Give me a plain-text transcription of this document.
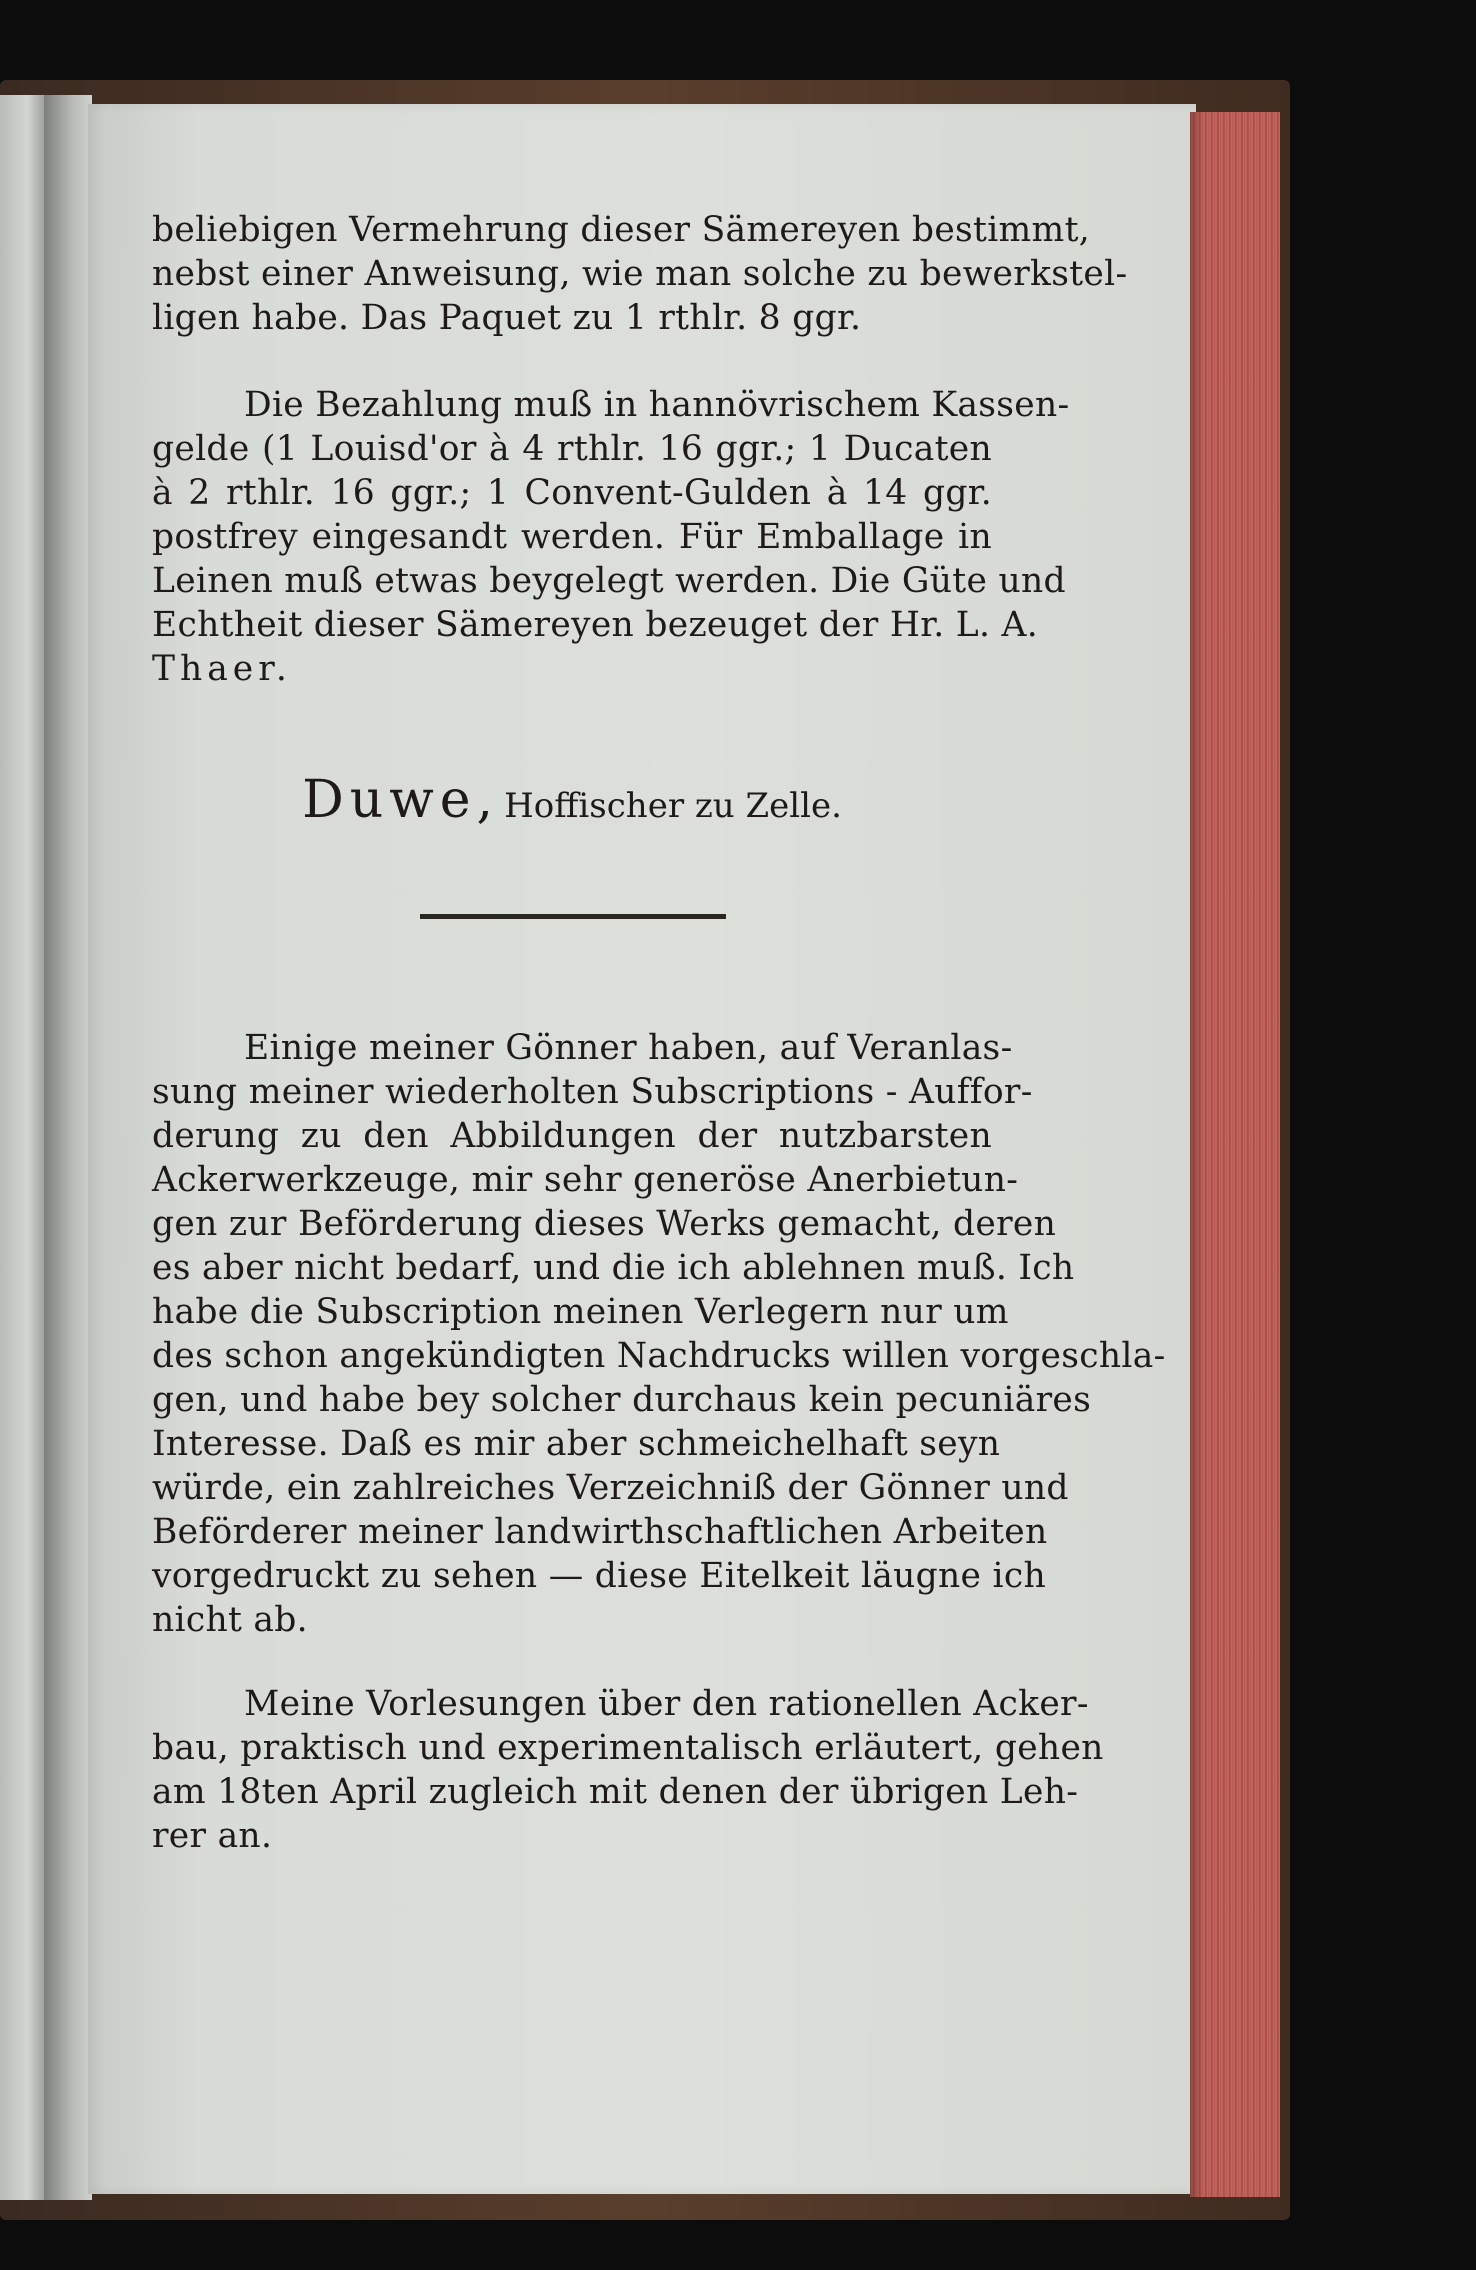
beliebigen Vermehrung dieser Sämereyen bestimmt,
nebst einer Anweisung, wie man solche zu bewerkstel-
ligen habe. Das Paquet zu 1 rthlr. 8 ggr.
Die Bezahlung muß in hannövrischem Kassen-
gelde (1 Louisd'or à 4 rthlr. 16 ggr.; 1 Ducaten
à 2 rthlr. 16 ggr.; 1 Convent-Gulden à 14 ggr.
postfrey eingesandt werden. Für Emballage in
Leinen muß etwas beygelegt werden. Die Güte und
Echtheit dieser Sämereyen bezeuget der Hr. L. A.
Thaer.
Duwe, Hoffischer zu Zelle.
Einige meiner Gönner haben, auf Veranlas-
sung meiner wiederholten Subscriptions - Auffor-
derung zu den Abbildungen der nutzbarsten
Ackerwerkzeuge, mir sehr generöse Anerbietun-
gen zur Beförderung dieses Werks gemacht, deren
es aber nicht bedarf, und die ich ablehnen muß. Ich
habe die Subscription meinen Verlegern nur um
des schon angekündigten Nachdrucks willen vorgeschla-
gen, und habe bey solcher durchaus kein pecuniäres
Interesse. Daß es mir aber schmeichelhaft seyn
würde, ein zahlreiches Verzeichniß der Gönner und
Beförderer meiner landwirthschaftlichen Arbeiten
vorgedruckt zu sehen — diese Eitelkeit läugne ich
nicht ab.
Meine Vorlesungen über den rationellen Acker-
bau, praktisch und experimentalisch erläutert, gehen
am 18ten April zugleich mit denen der übrigen Leh-
rer an.
